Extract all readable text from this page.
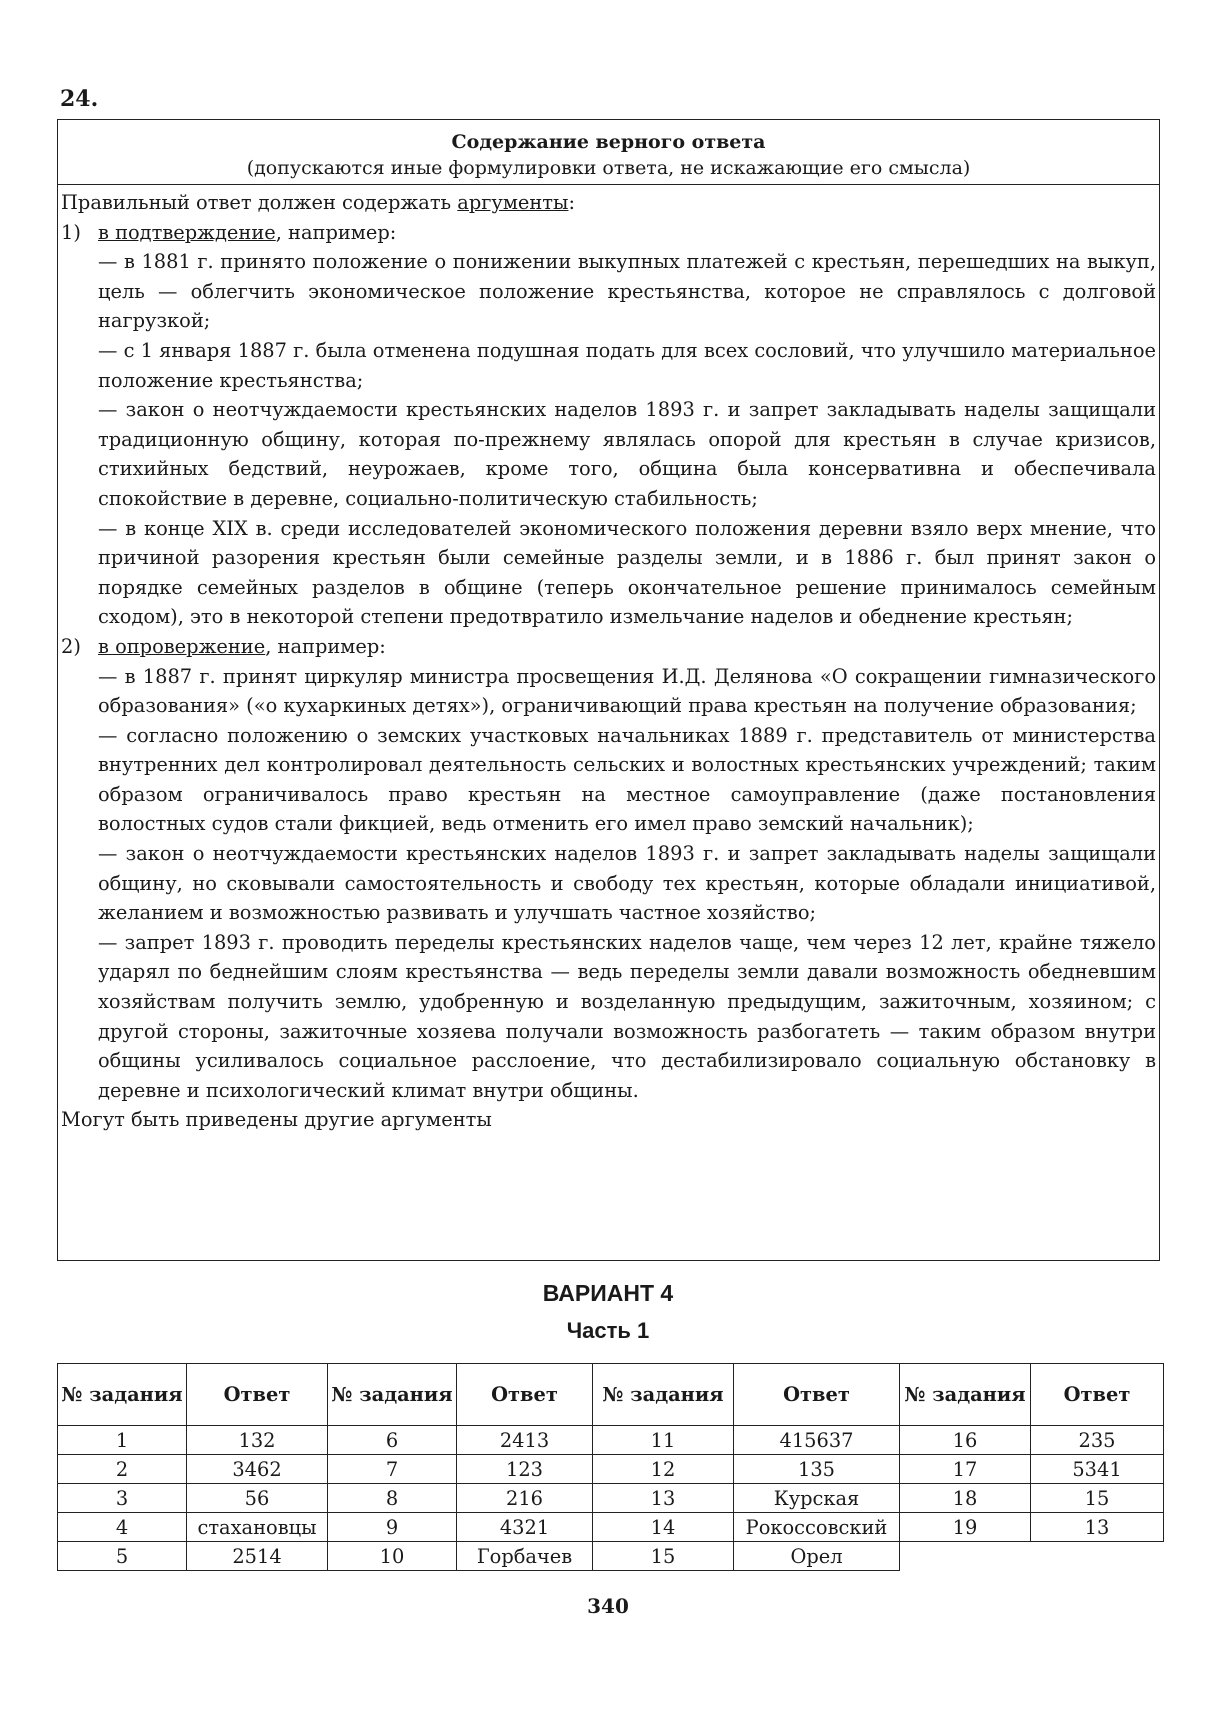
24.
Содержание верного ответа
(допускаются иные формулировки ответа, не искажающие его смысла)

Правильный ответ должен содержать аргументы:

1) в подтверждение, например:

— в 1881 г. принято положение о понижении выкупных платежей с крестьян, перешедших на выкуп, цель — облегчить экономическое положение крестьянства, которое не справлялось с долговой нагрузкой;

— с 1 января 1887 г. была отменена подушная подать для всех сословий, что улучшило материальное положение крестьянства;

— закон о неотчуждаемости крестьянских наделов 1893 г. и запрет закладывать наделы защищали традиционную общину, которая по-прежнему являлась опорой для крестьян в случае кризисов, стихийных бедствий, неурожаев, кроме того, община была консервативна и обеспечивала спокойствие в деревне, социально-политическую стабильность;

— в конце XIX в. среди исследователей экономического положения деревни взяло верх мнение, что причиной разорения крестьян были семейные разделы земли, и в 1886 г. был принят закон о порядке семейных разделов в общине (теперь окончательное решение принималось семейным сходом), это в некоторой степени предотвратило измельчание наделов и обеднение крестьян;

2) в опровержение, например:

— в 1887 г. принят циркуляр министра просвещения И.Д. Делянова «О сокращении гимназического образования» («о кухаркиных детях»), ограничивающий права крестьян на получение образования;

— согласно положению о земских участковых начальниках 1889 г. представитель от министерства внутренних дел контролировал деятельность сельских и волостных крестьянских учреждений; таким образом ограничивалось право крестьян на местное самоуправление (даже постановления волостных судов стали фикцией, ведь отменить его имел право земский начальник);

— закон о неотчуждаемости крестьянских наделов 1893 г. и запрет закладывать наделы защищали общину, но сковывали самостоятельность и свободу тех крестьян, которые обладали инициативой, желанием и возможностью развивать и улучшать частное хозяйство;

— запрет 1893 г. проводить переделы крестьянских наделов чаще, чем через 12 лет, крайне тяжело ударял по беднейшим слоям крестьянства — ведь переделы земли давали возможность обедневшим хозяйствам получить землю, удобренную и возделанную предыдущим, зажиточным, хозяином; с другой стороны, зажиточные хозяева получали возможность разбогатеть — таким образом внутри общины усиливалось социальное расслоение, что дестабилизировало социальную обстановку в деревне и психологический климат внутри общины.

Могут быть приведены другие аргументы

ВАРИАНТ 4
Часть 1
№ задания	Ответ	№ задания	Ответ	№ задания	Ответ	№ задания	Ответ
1	132	6	2413	11	415637	16	235
2	3462	7	123	12	135	17	5341
3	56	8	216	13	Курская	18	15
4	стахановцы	9	4321	14	Рокоссовский	19	13
5	2514	10	Горбачев	15	Орел		
340
